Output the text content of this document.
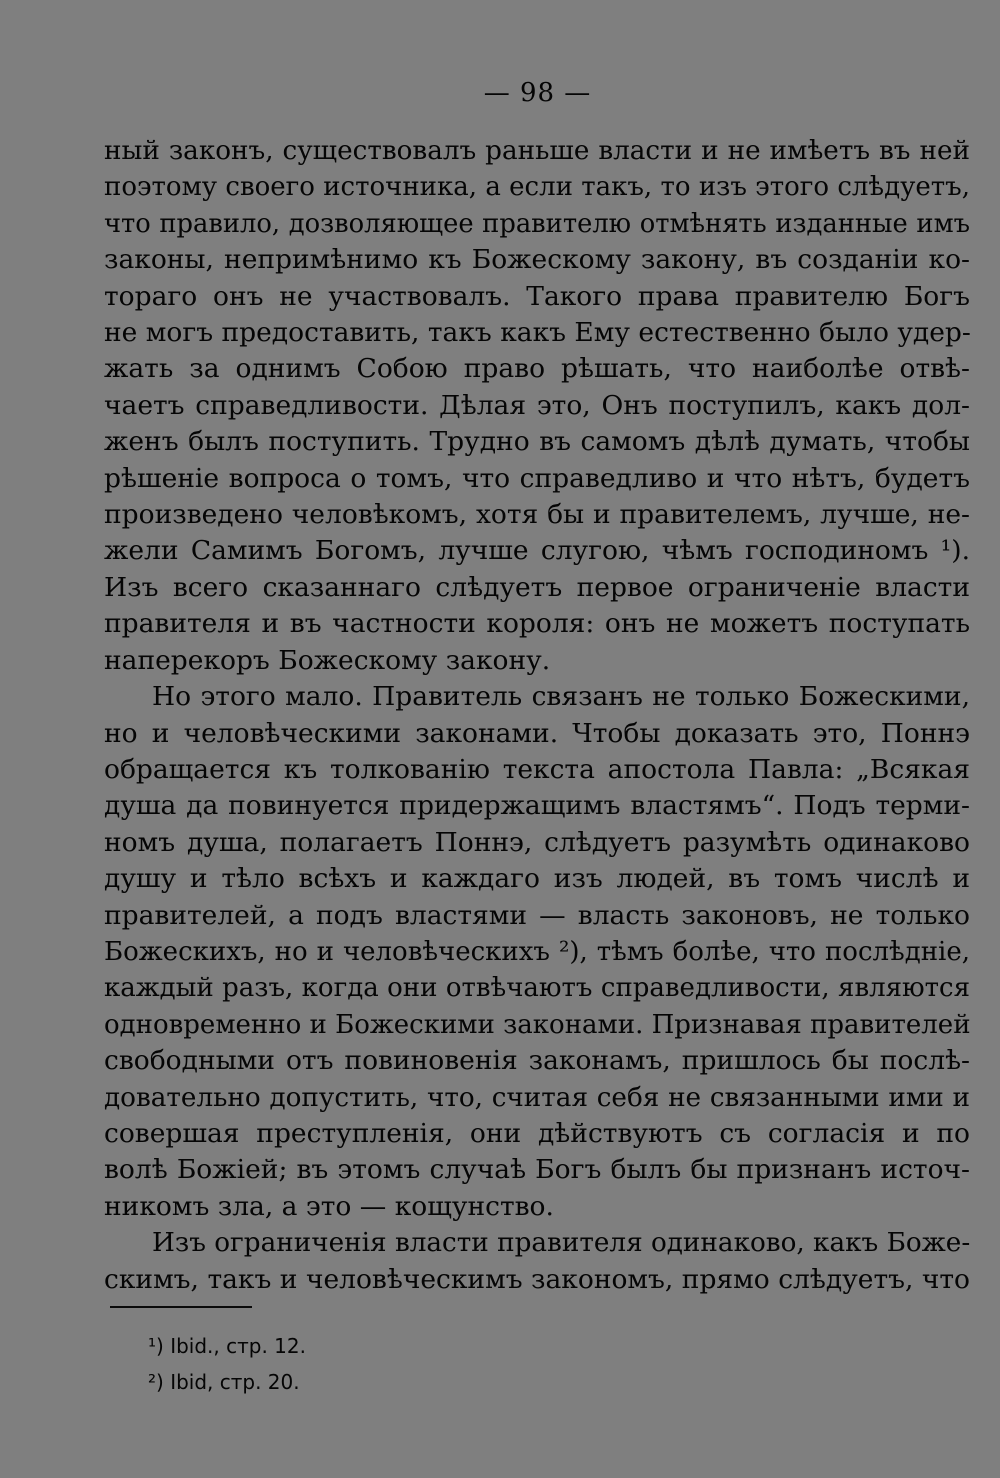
— 98 —
ный законъ, существовалъ раньше власти и не имѣетъ въ ней
поэтому своего источника, а если такъ, то изъ этого слѣдуетъ,
что правило, дозволяющее правителю отмѣнять изданные имъ
законы, непримѣнимо къ Божескому закону, въ созданіи ко-
тораго онъ не участвовалъ. Такого права правителю Богъ
не могъ предоставить, такъ какъ Ему естественно было удер-
жать за однимъ Собою право рѣшать, что наиболѣе отвѣ-
чаетъ справедливости. Дѣлая это, Онъ поступилъ, какъ дол-
женъ былъ поступить. Трудно въ самомъ дѣлѣ думать, чтобы
рѣшеніе вопроса о томъ, что справедливо и что нѣтъ, будетъ
произведено человѣкомъ, хотя бы и правителемъ, лучше, не-
жели Самимъ Богомъ, лучше слугою, чѣмъ господиномъ ¹).
Изъ всего сказаннаго слѣдуетъ первое ограниченіе власти
правителя и въ частности короля: онъ не можетъ поступать
наперекоръ Божескому закону.
Но этого мало. Правитель связанъ не только Божескими,
но и человѣческими законами. Чтобы доказать это, Поннэ
обращается къ толкованію текста апостола Павла: „Всякая
душа да повинуется придержащимъ властямъ“. Подъ терми-
номъ душа, полагаетъ Поннэ, слѣдуетъ разумѣть одинаково
душу и тѣло всѣхъ и каждаго изъ людей, въ томъ числѣ и
правителей, а подъ властями — власть законовъ, не только
Божескихъ, но и человѣческихъ ²), тѣмъ болѣе, что послѣдніе,
каждый разъ, когда они отвѣчаютъ справедливости, являются
одновременно и Божескими законами. Признавая правителей
свободными отъ повиновенія законамъ, пришлось бы послѣ-
довательно допустить, что, считая себя не связанными ими и
совершая преступленія, они дѣйствуютъ съ согласія и по
волѣ Божіей; въ этомъ случаѣ Богъ былъ бы признанъ источ-
никомъ зла, а это — кощунство.
Изъ ограниченія власти правителя одинаково, какъ Боже-
скимъ, такъ и человѣческимъ закономъ, прямо слѣдуетъ, что
¹) Ibid., стр. 12.
²) Ibid, стр. 20.
